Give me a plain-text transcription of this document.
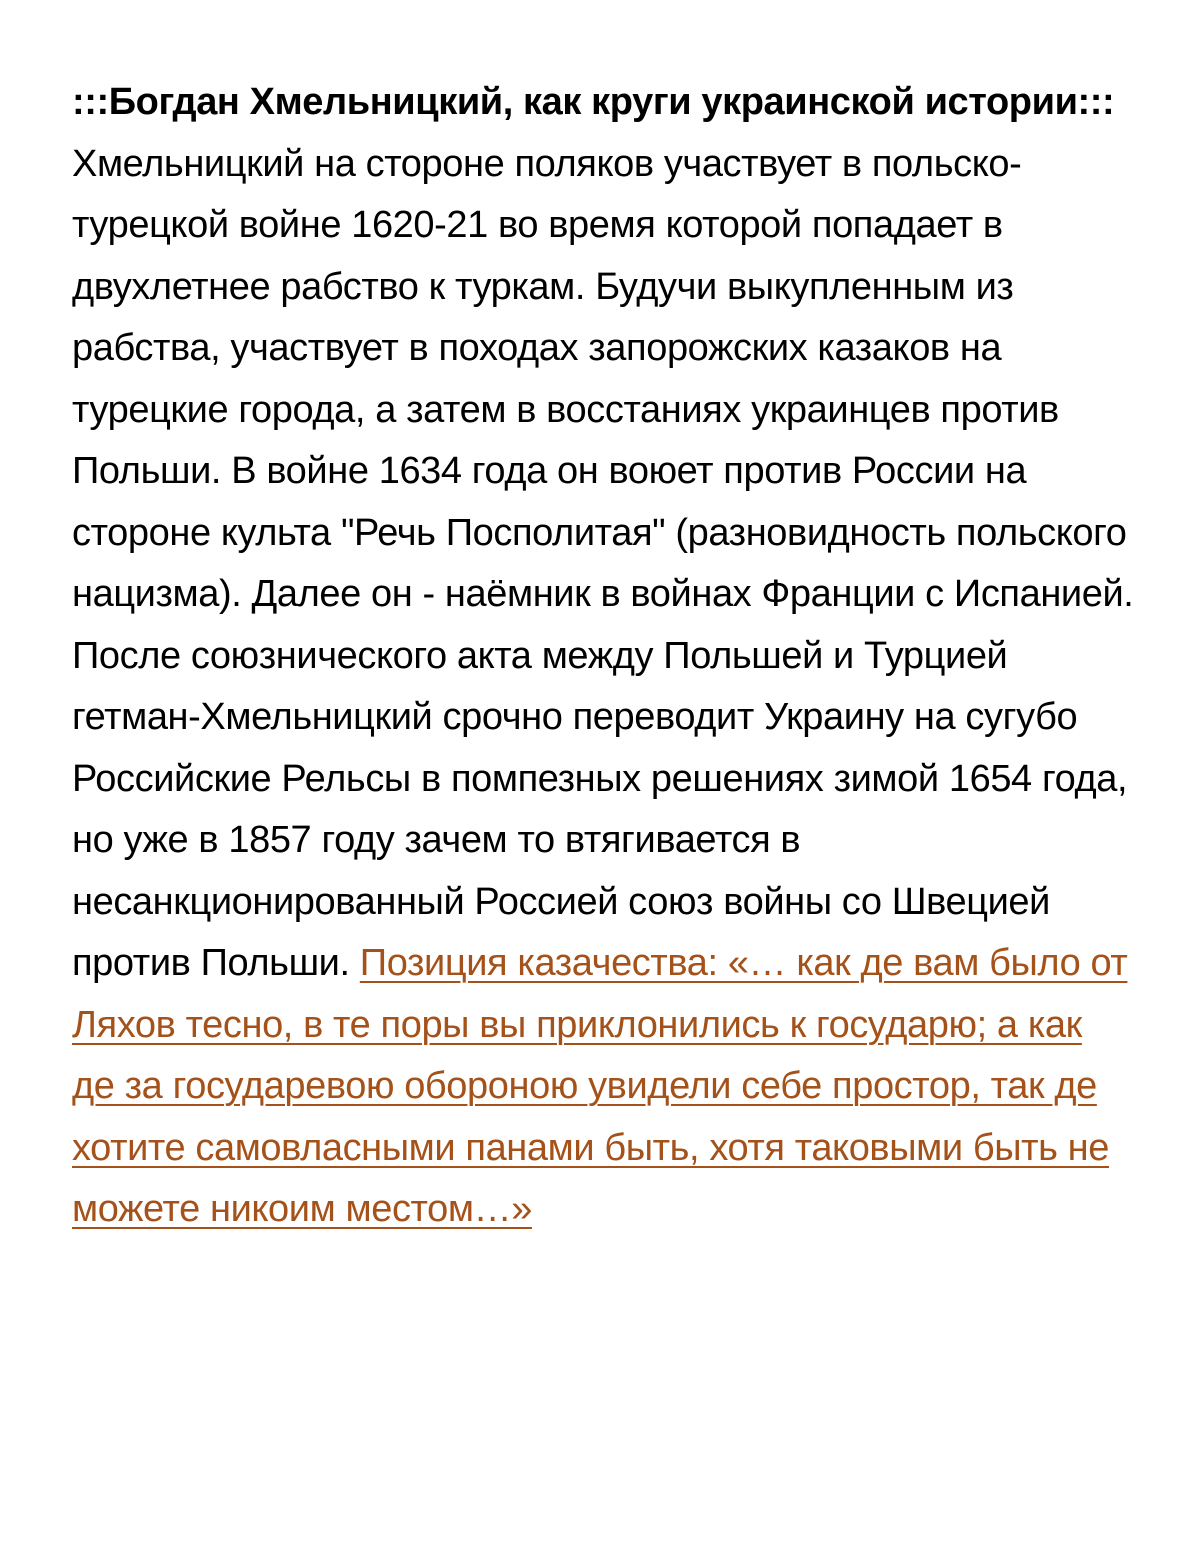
:::Богдан Хмельницкий, как круги украинской истории::: Хмельницкий на стороне поляков участвует в польско-турецкой войне 1620-21 во время которой попадает в двухлетнее рабство к туркам. Будучи выкупленным из рабства, участвует в походах запорожских казаков на турецкие города, а затем в восстаниях украинцев против Польши. В войне 1634 года он воюет против России на стороне культа "Речь Посполитая" (разновидность польского нацизма). Далее он - наёмник в войнах Франции с Испанией. После союзнического акта между Польшей и Турцией гетман-Хмельницкий срочно переводит Украину на сугубо Российские Рельсы в помпезных решениях зимой 1654 года, но уже в 1857 году зачем то втягивается в несанкционированный Россией союз войны со Швецией против Польши. Позиция казачества: «… как де вам было от Ляхов тесно, в те поры вы приклонились к государю; а как де за государевою обороною увидели себе простор, так де хотите самовласными панами быть, хотя таковыми быть не можете никоим местом…»
